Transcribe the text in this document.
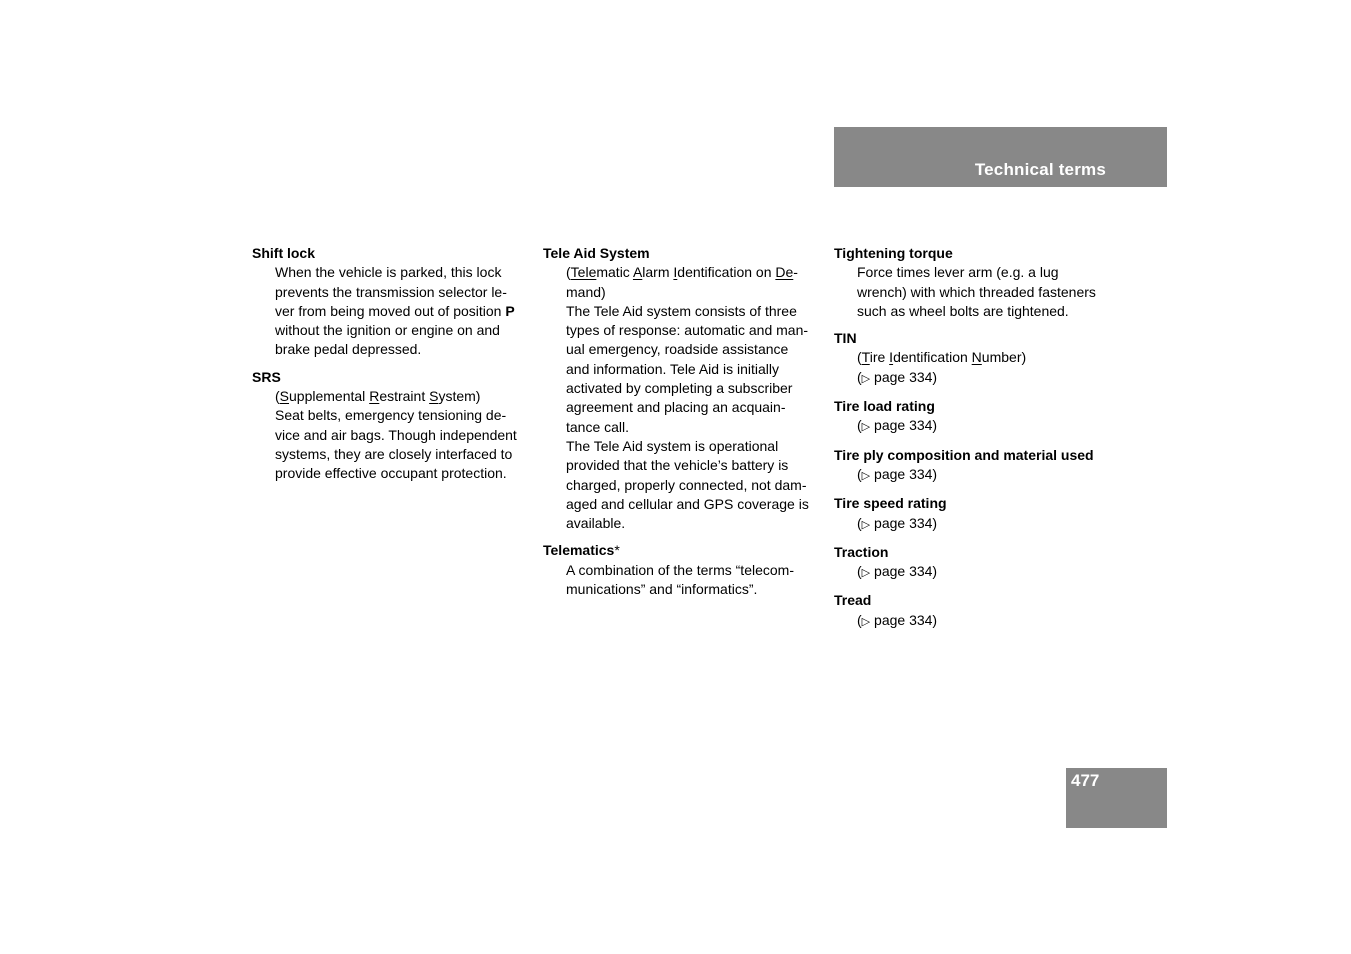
Technical terms
Shift lock
When the vehicle is parked, this lock
prevents the transmission selector le-
ver from being moved out of position P
without the ignition or engine on and
brake pedal depressed.
SRS
(Supplemental Restraint System)
Seat belts, emergency tensioning de-
vice and air bags. Though independent
systems, they are closely interfaced to
provide effective occupant protection.
Tele Aid System
(Telematic Alarm Identification on De-
mand)
The Tele Aid system consists of three
types of response: automatic and man-
ual emergency, roadside assistance
and information. Tele Aid is initially
activated by completing a subscriber
agreement and placing an acquain-
tance call.
The Tele Aid system is operational
provided that the vehicle’s battery is
charged, properly connected, not dam-
aged and cellular and GPS coverage is
available.
Telematics*
A combination of the terms “telecom-
munications” and “informatics”.
Tightening torque
Force times lever arm (e.g. a lug
wrench) with which threaded fasteners
such as wheel bolts are tightened.
TIN
(Tire Identification Number)
(▷ page 334)
Tire load rating
(▷ page 334)
Tire ply composition and material used
(▷ page 334)
Tire speed rating
(▷ page 334)
Traction
(▷ page 334)
Tread
(▷ page 334)
477
